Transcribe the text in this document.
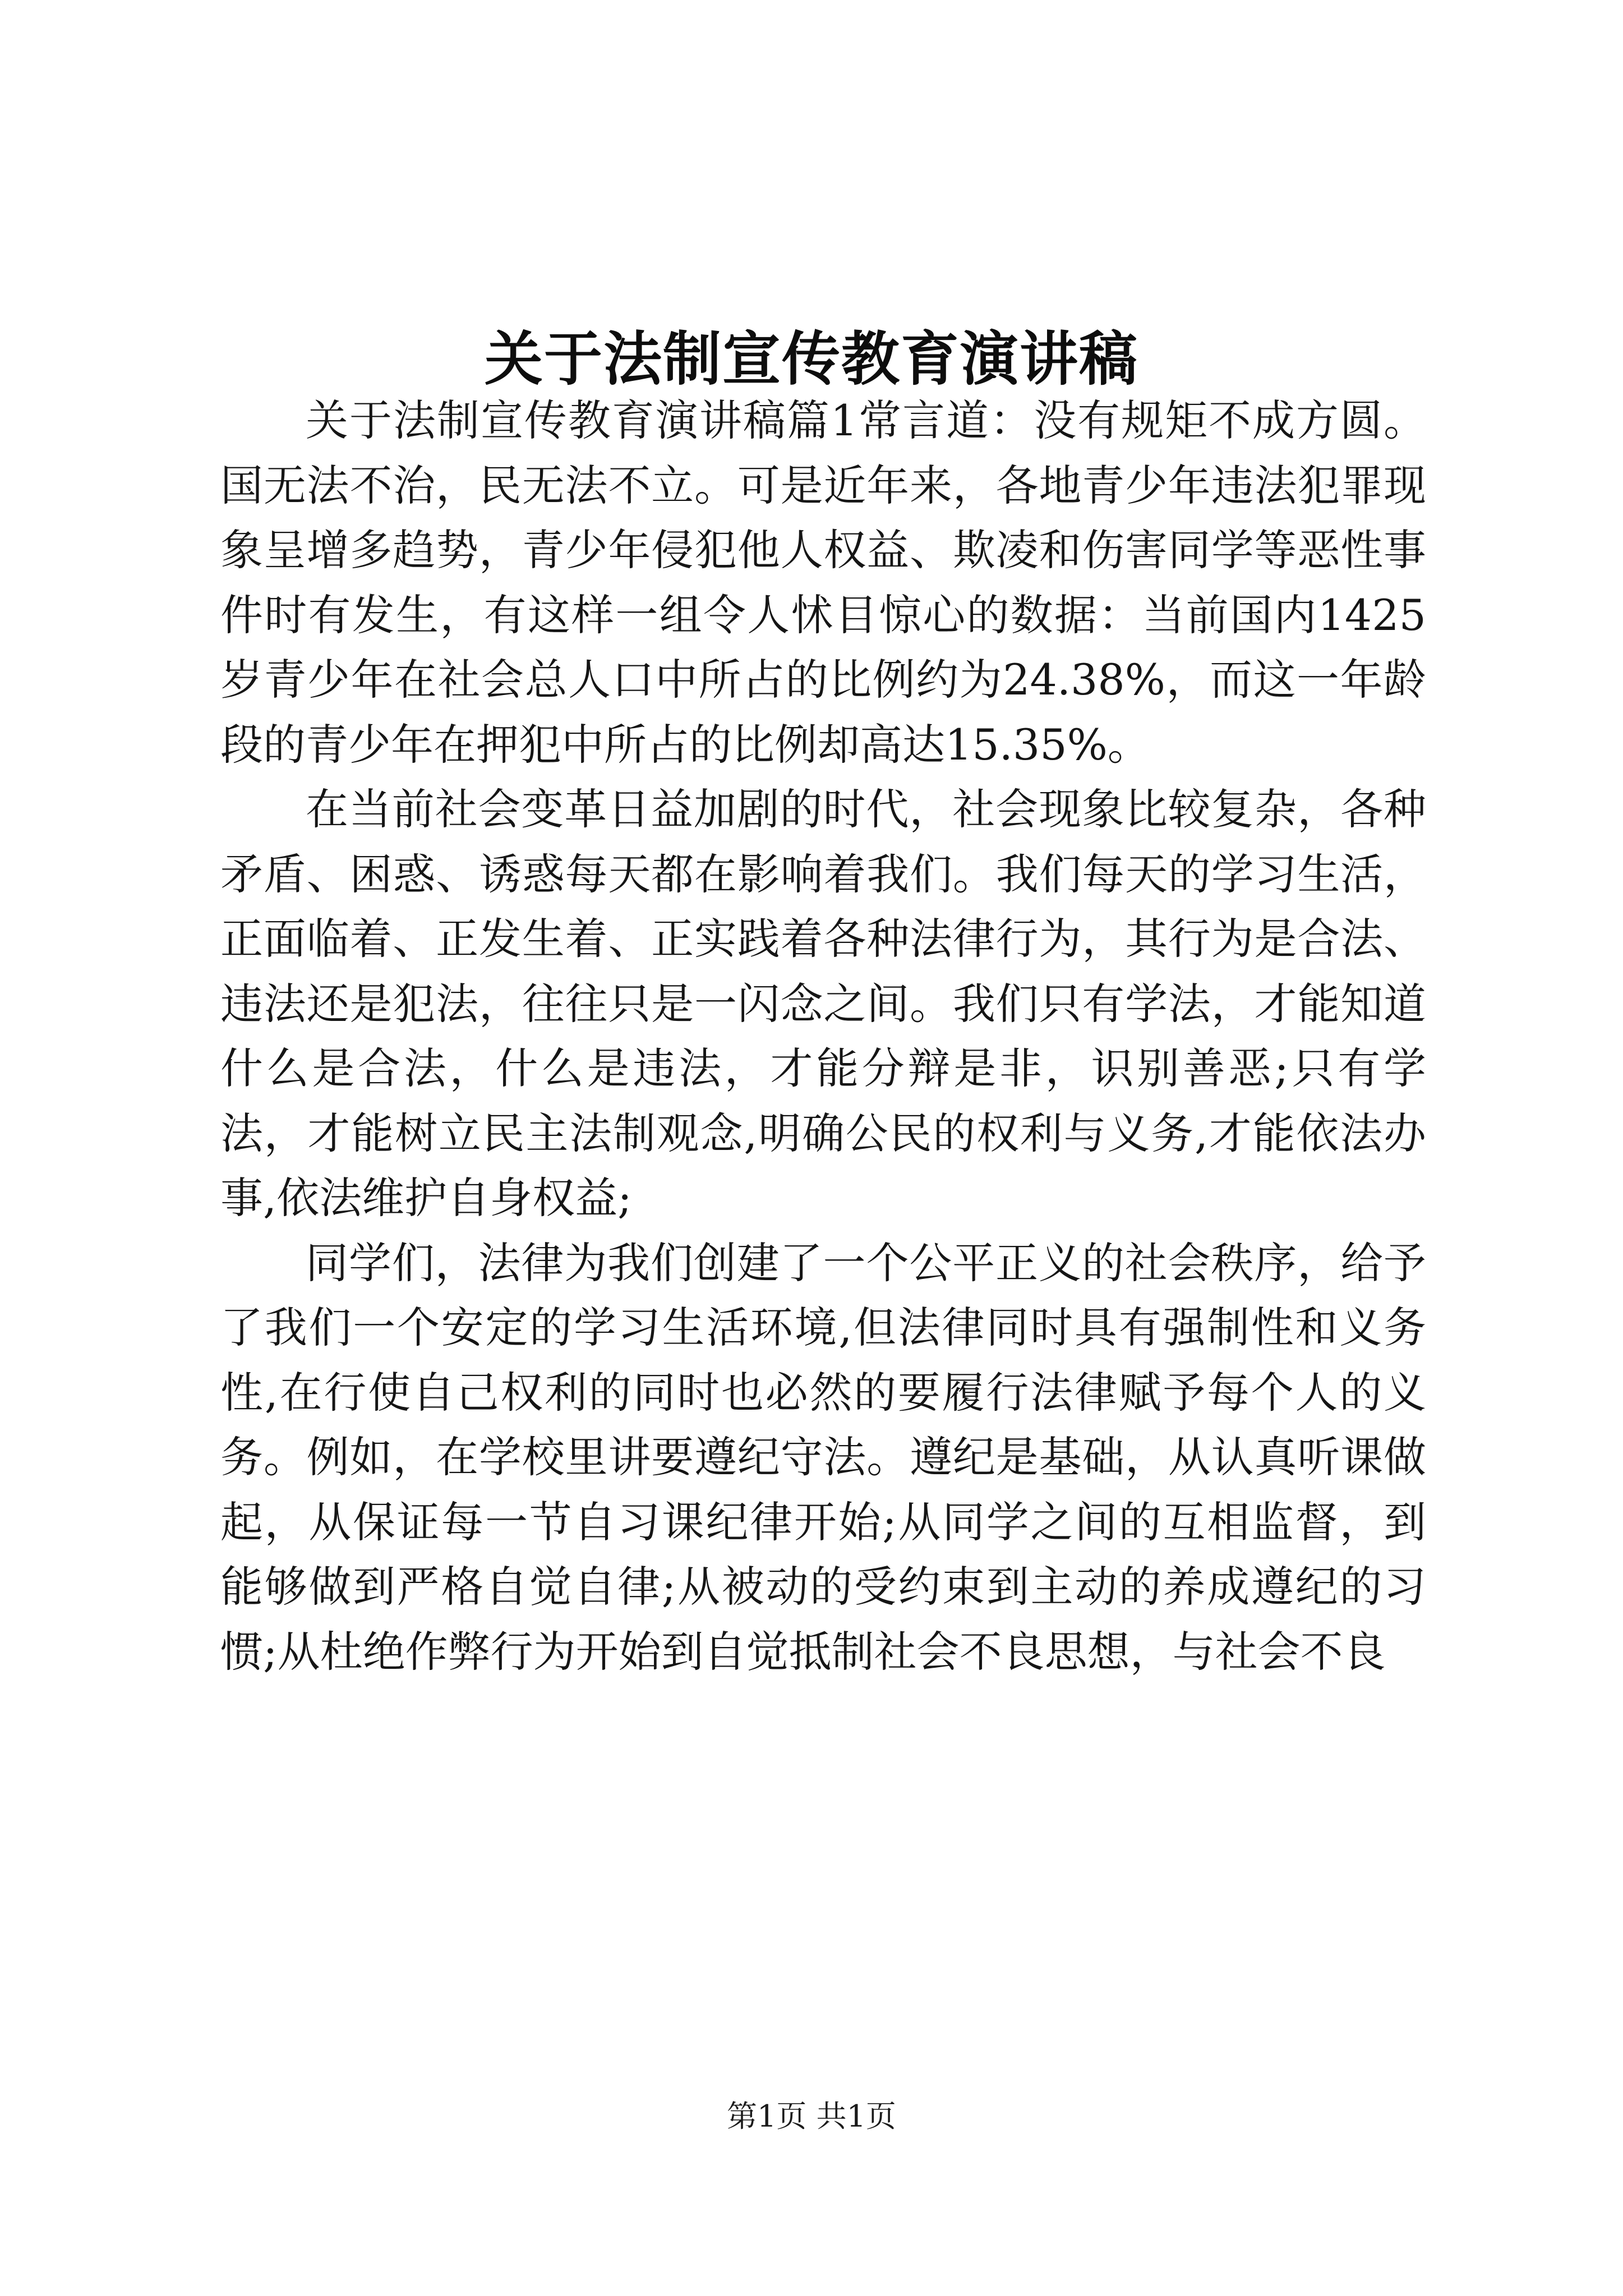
关于法制宣传教育演讲稿

关于法制宣传教育演讲稿篇1常言道：没有规矩不成方圆。国无法不治，民无法不立。可是近年来，各地青少年违法犯罪现象呈增多趋势，青少年侵犯他人权益、欺凌和伤害同学等恶性事件时有发生，有这样一组令人怵目惊心的数据：当前国内1425岁青少年在社会总人口中所占的比例约为24.38%，而这一年龄段的青少年在押犯中所占的比例却高达15.35%。

在当前社会变革日益加剧的时代，社会现象比较复杂，各种矛盾、困惑、诱惑每天都在影响着我们。我们每天的学习生活，正面临着、正发生着、正实践着各种法律行为，其行为是合法、违法还是犯法，往往只是一闪念之间。我们只有学法，才能知道什么是合法，什么是违法，才能分辩是非，识别善恶;只有学法，才能树立民主法制观念,明确公民的权利与义务,才能依法办事,依法维护自身权益;

同学们，法律为我们创建了一个公平正义的社会秩序，给予了我们一个安定的学习生活环境,但法律同时具有强制性和义务性,在行使自己权利的同时也必然的要履行法律赋予每个人的义务。例如，在学校里讲要遵纪守法。遵纪是基础，从认真听课做起，从保证每一节自习课纪律开始;从同学之间的互相监督，到能够做到严格自觉自律;从被动的受约束到主动的养成遵纪的习惯;从杜绝作弊行为开始到自觉抵制社会不良思想，与社会不良

第1页 共1页
